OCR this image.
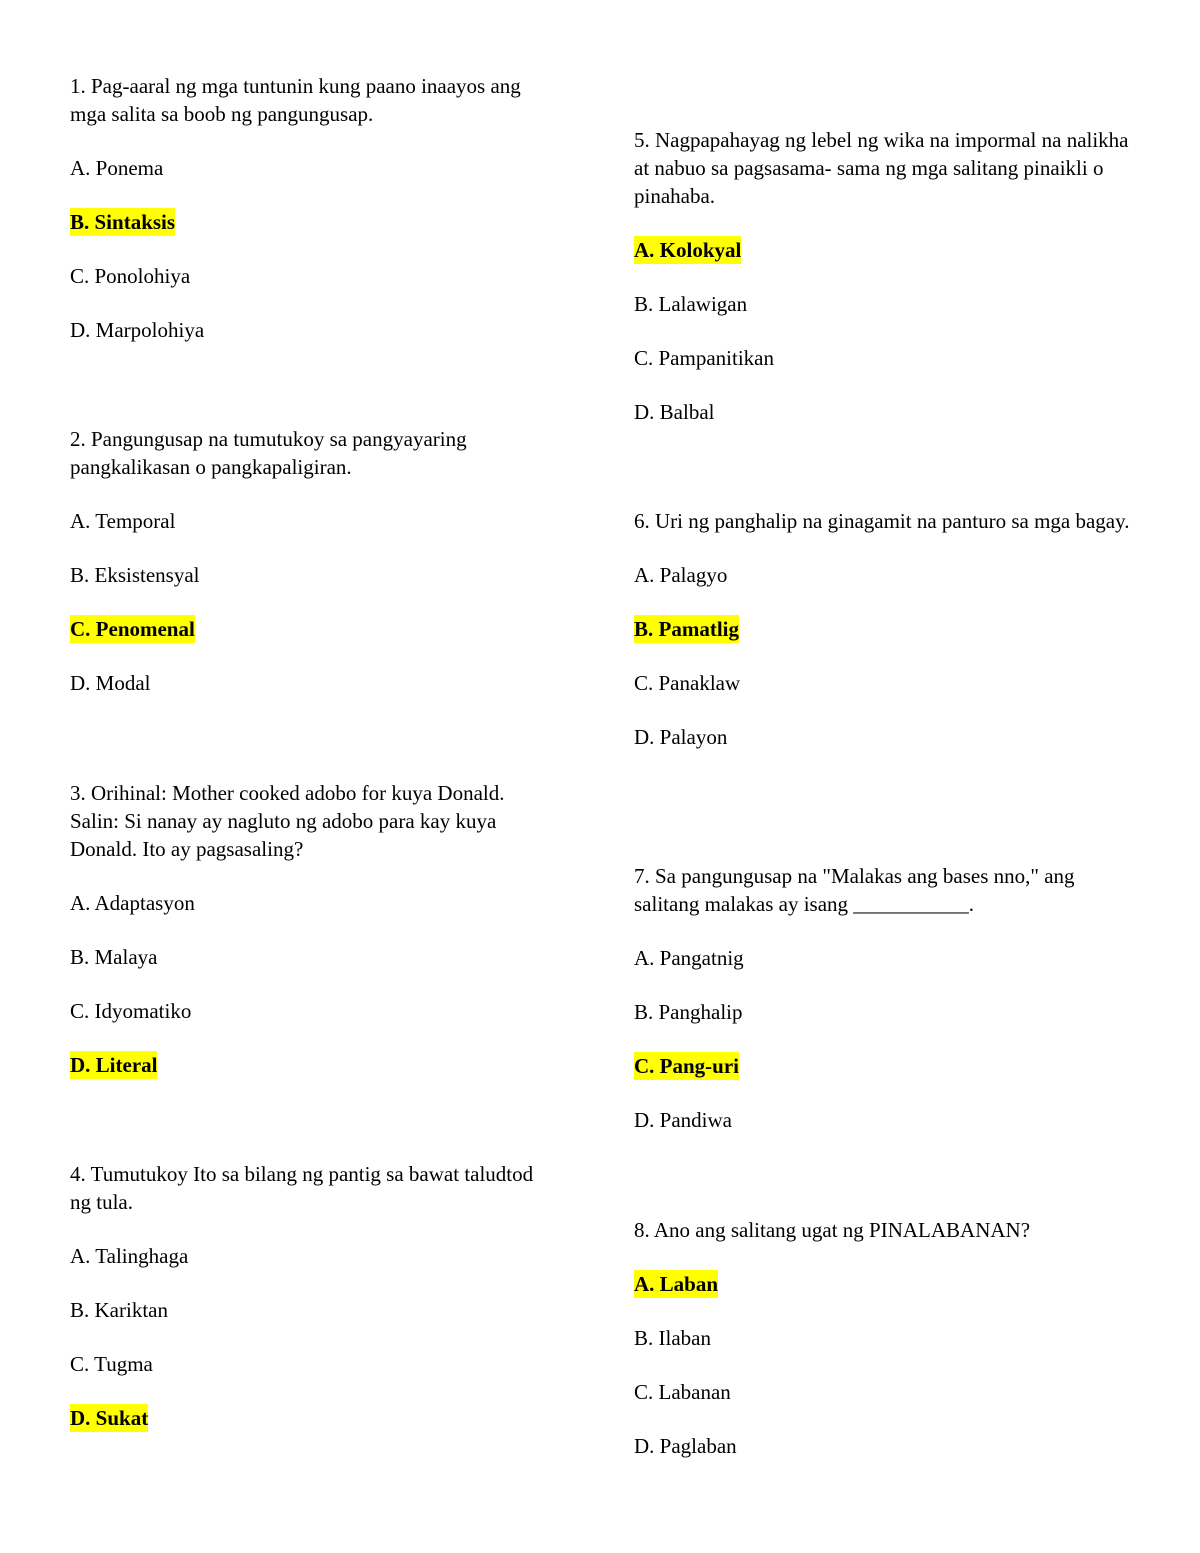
1. Pag-aaral ng mga tuntunin kung paano inaayos ang mga salita sa boob ng pangungusap.

A. Ponema
B. Sintaksis
C. Ponolohiya
D. Marpolohiya

2. Pangungusap na tumutukoy sa pangyayaring pangkalikasan o pangkapaligiran.

A. Temporal
B. Eksistensyal
C. Penomenal
D. Modal

3. Orihinal: Mother cooked adobo for kuya Donald. Salin: Si nanay ay nagluto ng adobo para kay kuya Donald. Ito ay pagsasaling?

A. Adaptasyon
B. Malaya
C. Idyomatiko
D. Literal

4. Tumutukoy Ito sa bilang ng pantig sa bawat taludtod ng tula.

A. Talinghaga
B. Kariktan
C. Tugma
D. Sukat

5. Nagpapahayag ng lebel ng wika na impormal na nalikha at nabuo sa pagsasama- sama ng mga salitang pinaikli o pinahaba.

A. Kolokyal
B. Lalawigan
C. Pampanitikan
D. Balbal

6. Uri ng panghalip na ginagamit na panturo sa mga bagay.

A. Palagyo
B. Pamatlig
C. Panaklaw
D. Palayon

7. Sa pangungusap na "Malakas ang bases nno," ang salitang malakas ay isang ___________.

A. Pangatnig
B. Panghalip
C. Pang-uri
D. Pandiwa

8. Ano ang salitang ugat ng PINALABANAN?

A. Laban
B. Ilaban
C. Labanan
D. Paglaban
